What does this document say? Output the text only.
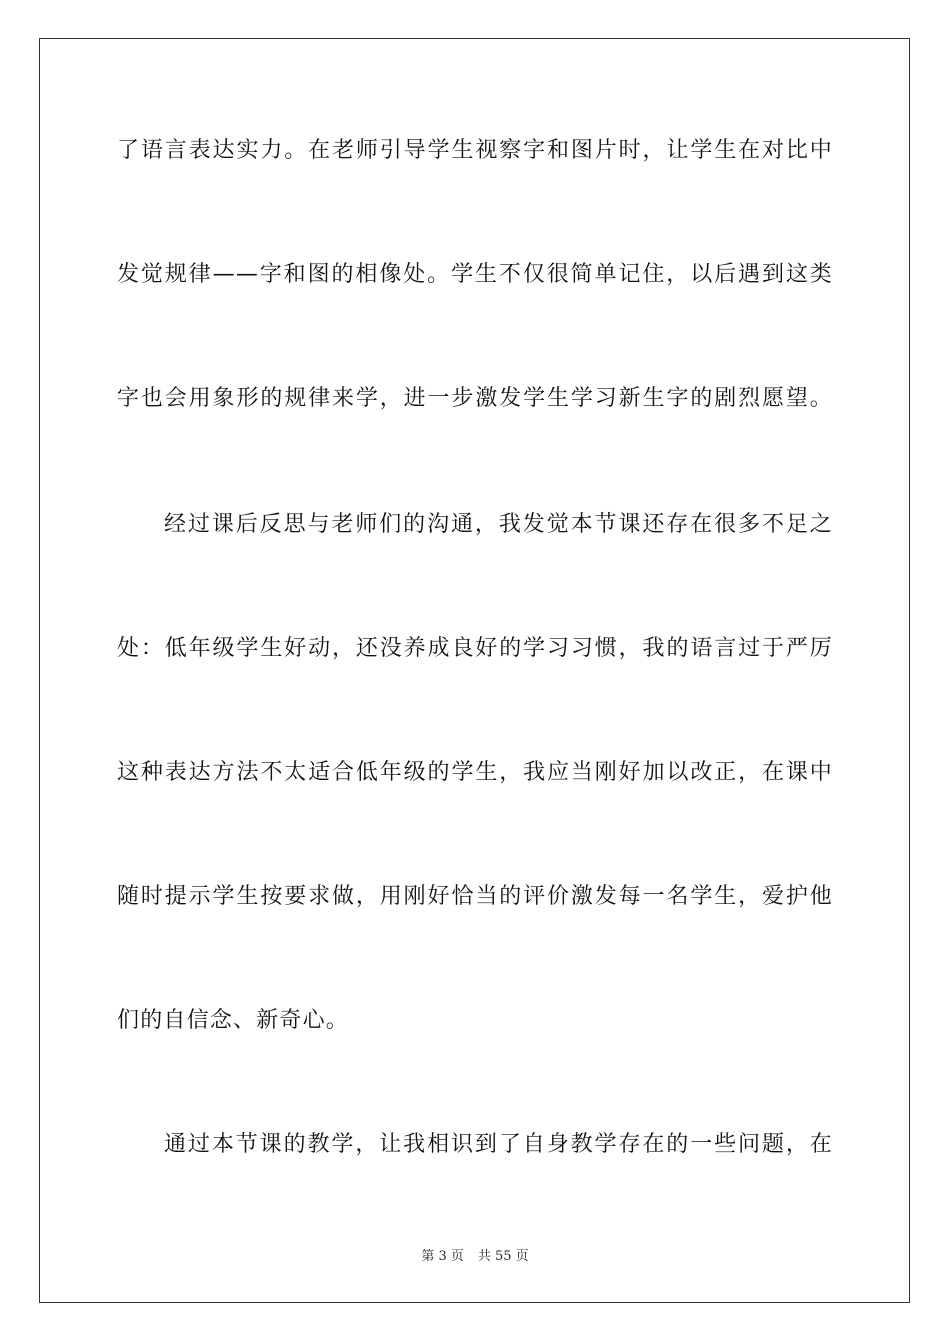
了语言表达实力。在老师引导学生视察字和图片时，让学生在对比中
发觉规律——字和图的相像处。学生不仅很简单记住，以后遇到这类
字也会用象形的规律来学，进一步激发学生学习新生字的剧烈愿望。
经过课后反思与老师们的沟通，我发觉本节课还存在很多不足之
处：低年级学生好动，还没养成良好的学习习惯，我的语言过于严厉
这种表达方法不太适合低年级的学生，我应当刚好加以改正，在课中
随时提示学生按要求做，用刚好恰当的评价激发每一名学生，爱护他
们的自信念、新奇心。
通过本节课的教学，让我相识到了自身教学存在的一些问题，在
第 3 页 共 55 页
